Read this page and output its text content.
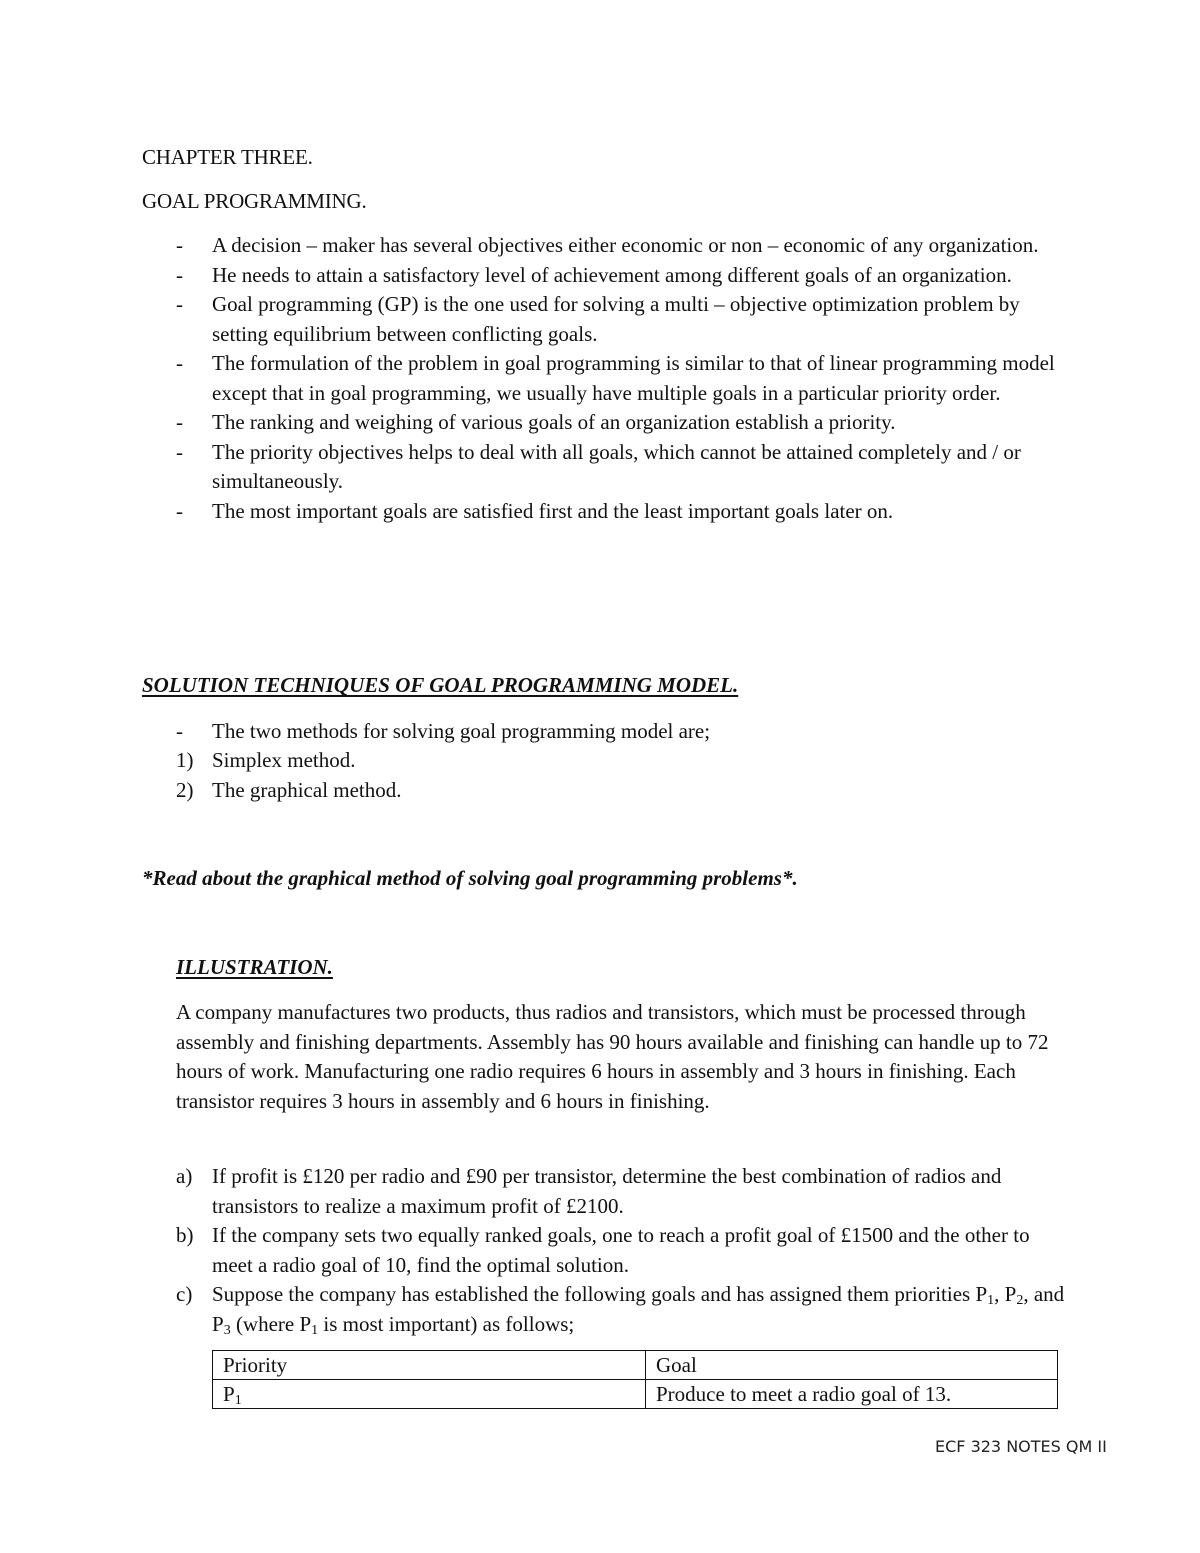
CHAPTER THREE.
GOAL PROGRAMMING.
- A decision – maker has several objectives either economic or non – economic of any organization.
- He needs to attain a satisfactory level of achievement among different goals of an organization.
- Goal programming (GP) is the one used for solving a multi – objective optimization problem by setting equilibrium between conflicting goals.
- The formulation of the problem in goal programming is similar to that of linear programming model except that in goal programming, we usually have multiple goals in a particular priority order.
- The ranking and weighing of various goals of an organization establish a priority.
- The priority objectives helps to deal with all goals, which cannot be attained completely and / or simultaneously.
- The most important goals are satisfied first and the least important goals later on.
SOLUTION TECHNIQUES OF GOAL PROGRAMMING MODEL.
- The two methods for solving goal programming model are;
1) Simplex method.
2) The graphical method.
*Read about the graphical method of solving goal programming problems*.
ILLUSTRATION.
A company manufactures two products, thus radios and transistors, which must be processed through assembly and finishing departments. Assembly has 90 hours available and finishing can handle up to 72 hours of work. Manufacturing one radio requires 6 hours in assembly and 3 hours in finishing. Each transistor requires 3 hours in assembly and 6 hours in finishing.
a) If profit is £120 per radio and £90 per transistor, determine the best combination of radios and transistors to realize a maximum profit of £2100.
b) If the company sets two equally ranked goals, one to reach a profit goal of £1500 and the other to meet a radio goal of 10, find the optimal solution.
c) Suppose the company has established the following goals and has assigned them priorities $P_1$, $P_2$, and $P_3$ (where $P_1$ is most important) as follows;
Priority	Goal
$P_1$	Produce to meet a radio goal of 13.
ECF 323 NOTES QM II
